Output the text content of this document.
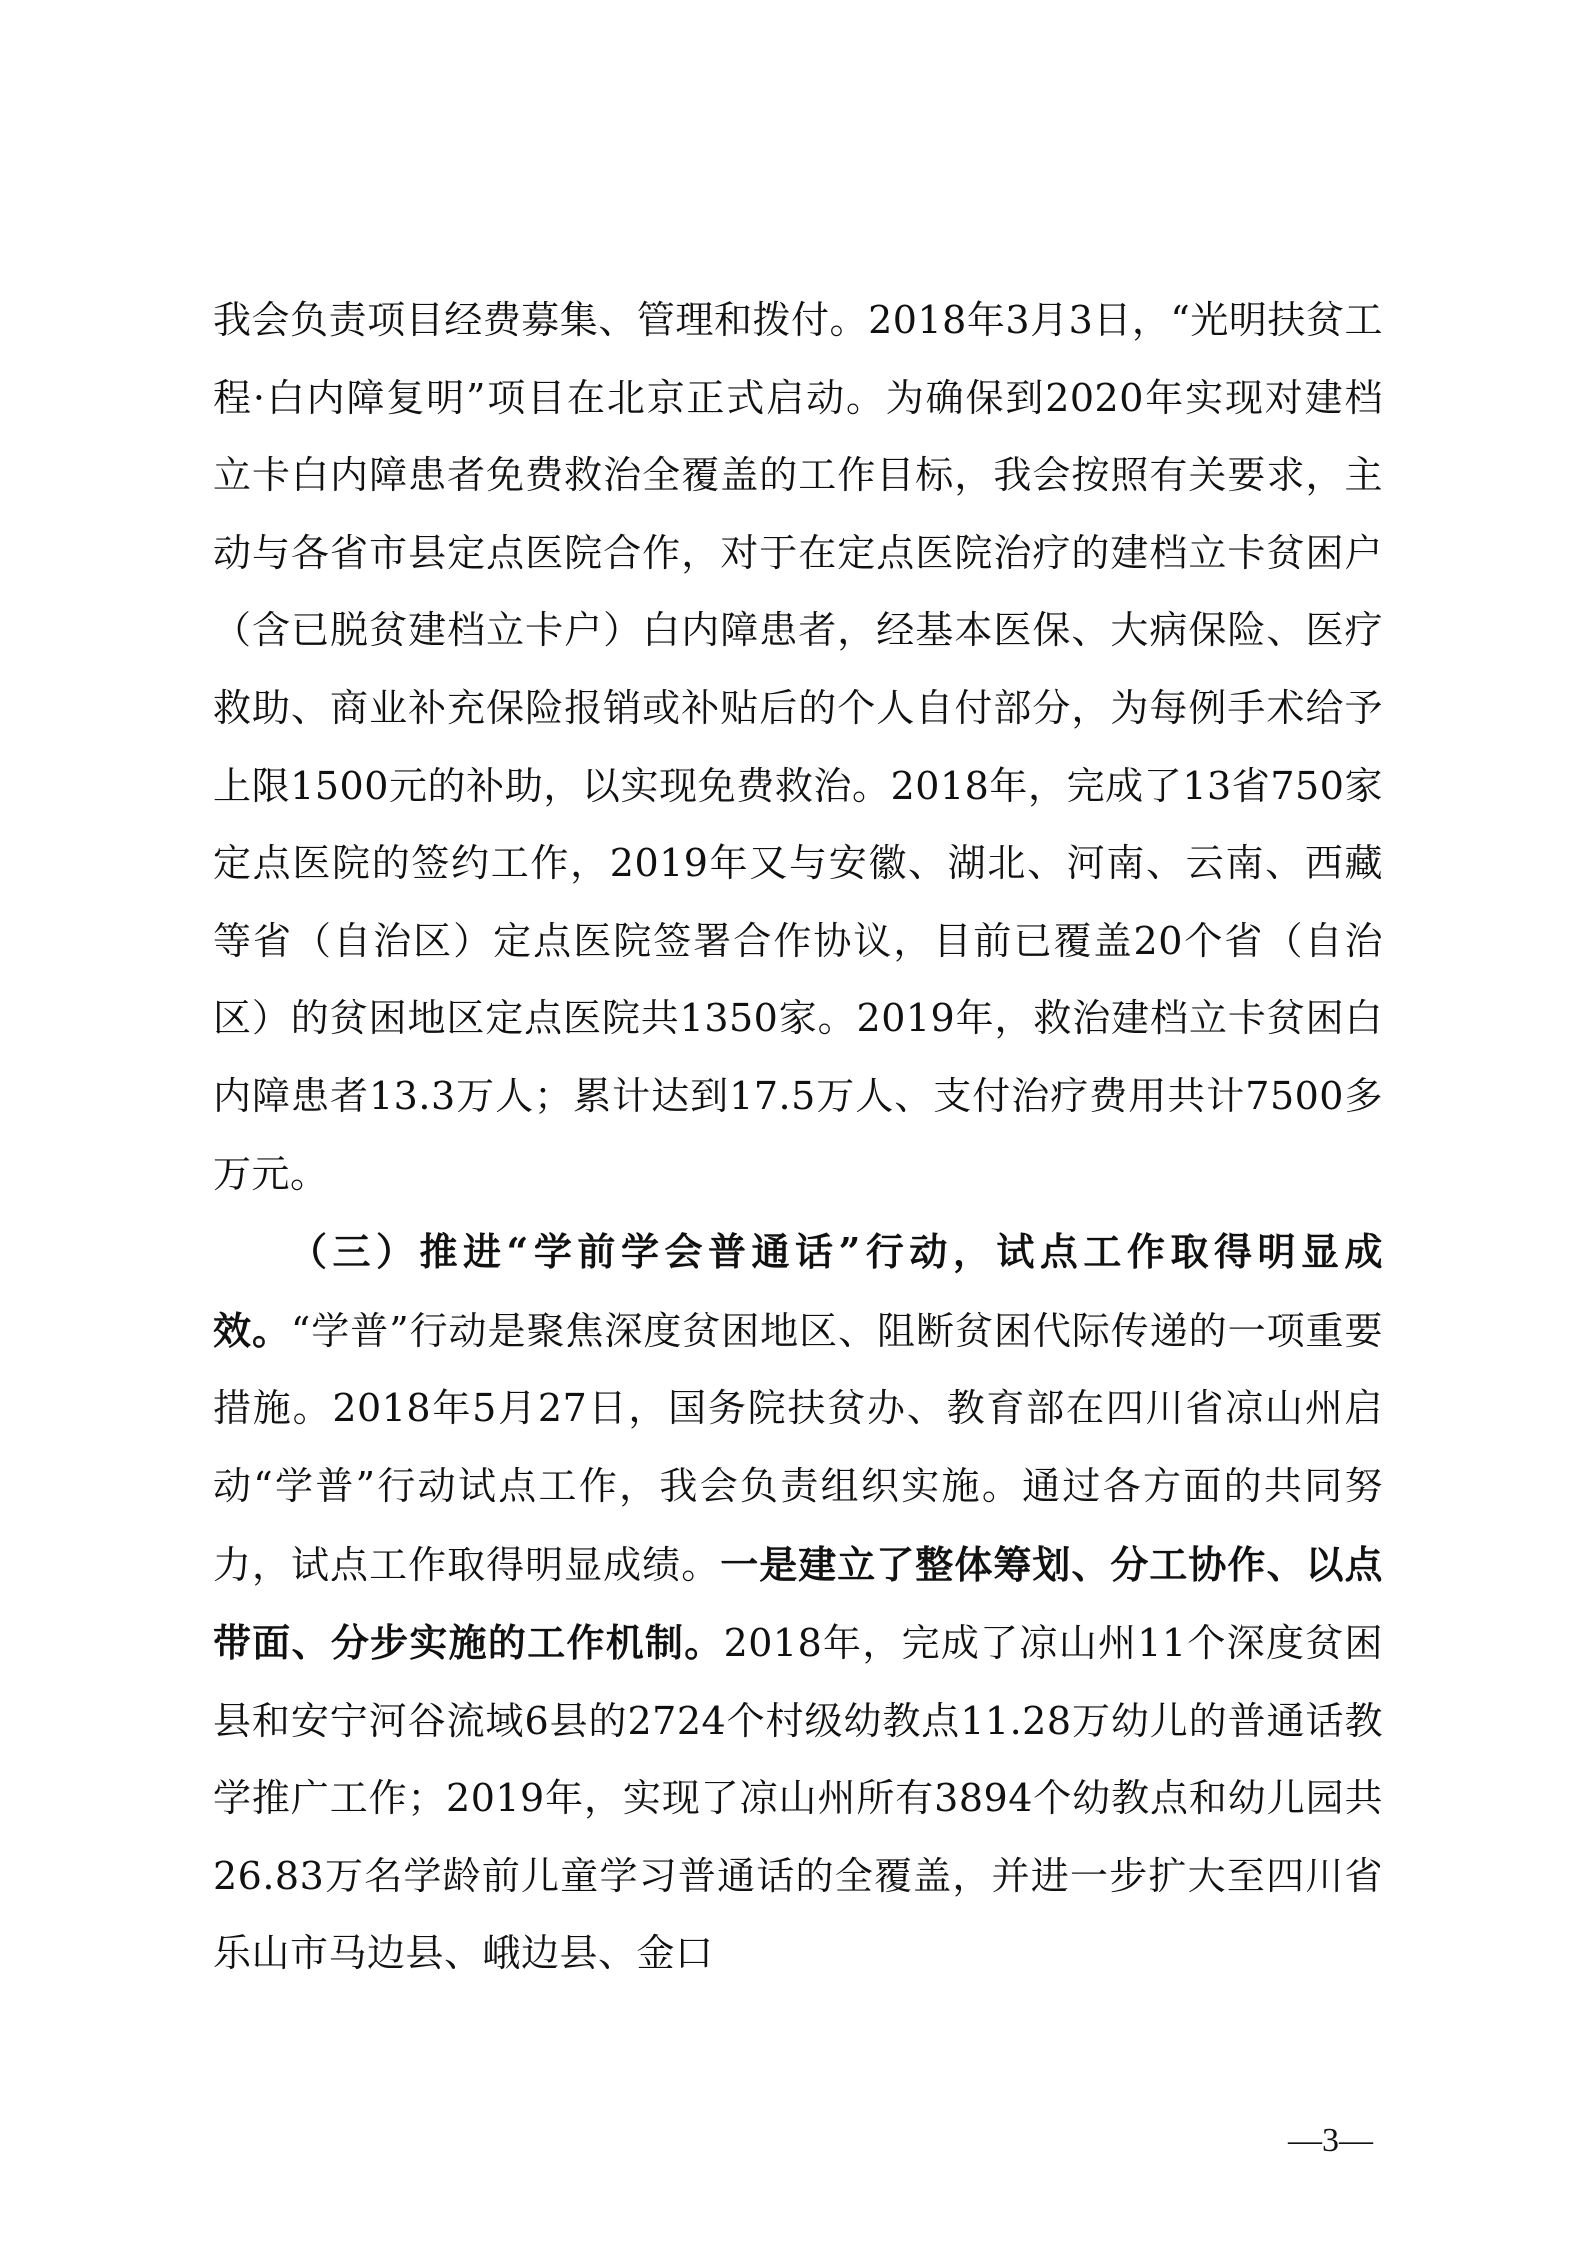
我会负责项目经费募集、管理和拨付。2018年3月3日，“光明扶贫工程·白内障复明”项目在北京正式启动。为确保到2020年实现对建档立卡白内障患者免费救治全覆盖的工作目标，我会按照有关要求，主动与各省市县定点医院合作，对于在定点医院治疗的建档立卡贫困户（含已脱贫建档立卡户）白内障患者，经基本医保、大病保险、医疗救助、商业补充保险报销或补贴后的个人自付部分，为每例手术给予上限1500元的补助，以实现免费救治。2018年，完成了13省750家定点医院的签约工作，2019年又与安徽、湖北、河南、云南、西藏等省（自治区）定点医院签署合作协议，目前已覆盖20个省（自治区）的贫困地区定点医院共1350家。2019年，救治建档立卡贫困白内障患者13.3万人；累计达到17.5万人、支付治疗费用共计7500多万元。

（三）推进“学前学会普通话”行动，试点工作取得明显成效。“学普”行动是聚焦深度贫困地区、阻断贫困代际传递的一项重要措施。2018年5月27日，国务院扶贫办、教育部在四川省凉山州启动“学普”行动试点工作，我会负责组织实施。通过各方面的共同努力，试点工作取得明显成绩。一是建立了整体筹划、分工协作、以点带面、分步实施的工作机制。2018年，完成了凉山州11个深度贫困县和安宁河谷流域6县的2724个村级幼教点11.28万幼儿的普通话教学推广工作；2019年，实现了凉山州所有3894个幼教点和幼儿园共26.83万名学龄前儿童学习普通话的全覆盖，并进一步扩大至四川省乐山市马边县、峨边县、金口

—3—
